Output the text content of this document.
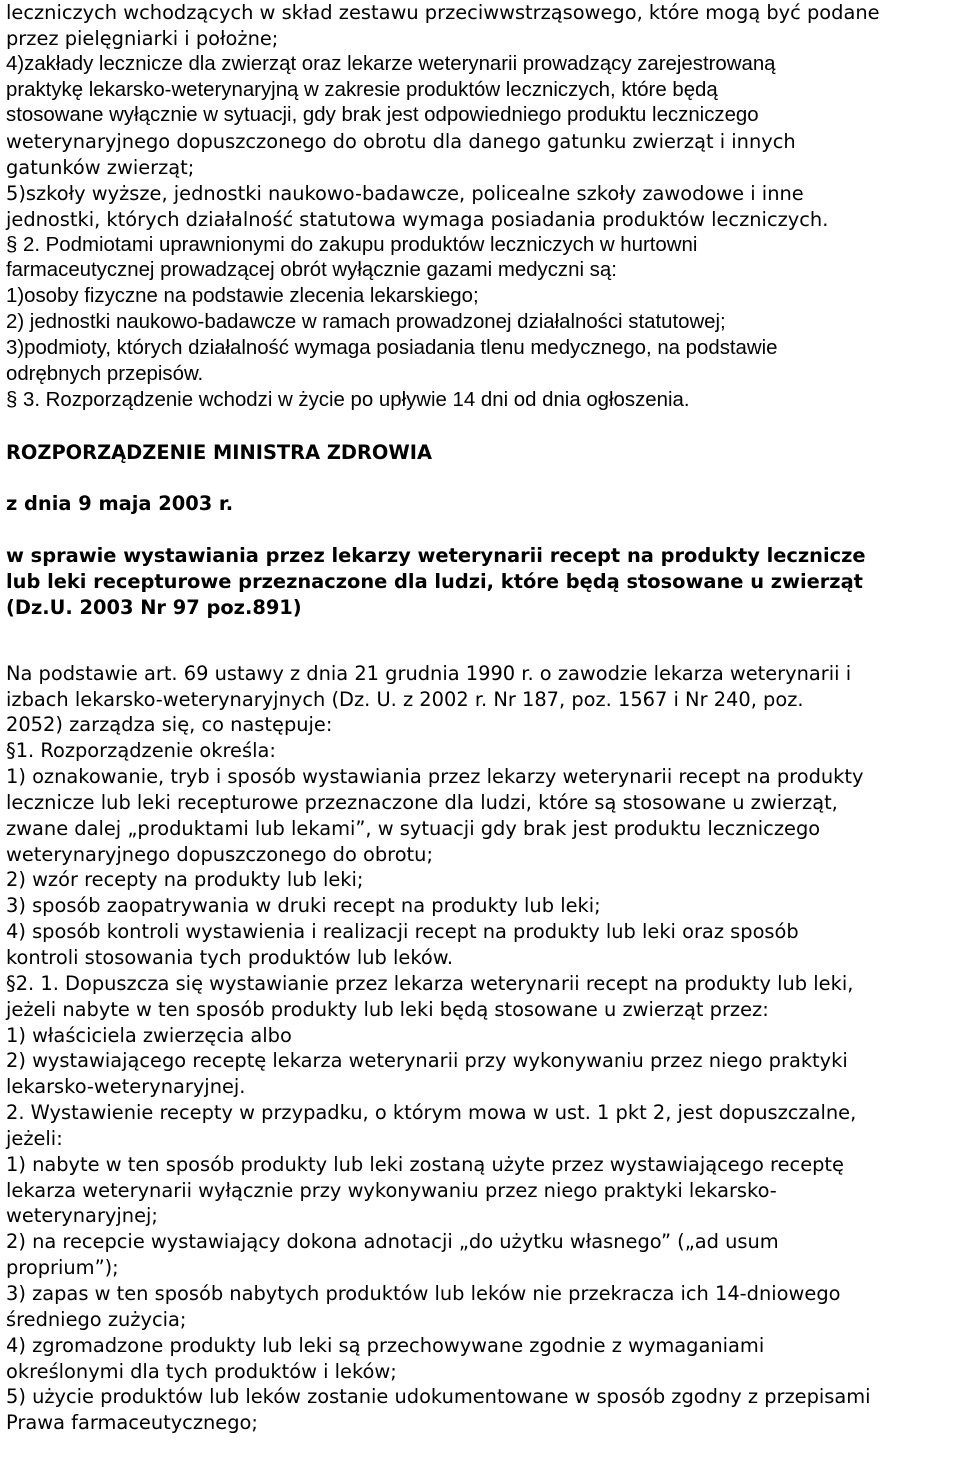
leczniczych wchodzących w skład zestawu przeciwwstrząsowego, które mogą być podane
przez pielęgniarki i położne;
4)zakłady lecznicze dla zwierząt oraz lekarze weterynarii prowadzący zarejestrowaną
praktykę lekarsko-weterynaryjną w zakresie produktów leczniczych, które będą
stosowane wyłącznie w sytuacji, gdy brak jest odpowiedniego produktu leczniczego
weterynaryjnego dopuszczonego do obrotu dla danego gatunku zwierząt i innych
gatunków zwierząt;
5)szkoły wyższe, jednostki naukowo-badawcze, policealne szkoły zawodowe i inne
jednostki, których działalność statutowa wymaga posiadania produktów leczniczych.
§ 2. Podmiotami uprawnionymi do zakupu produktów leczniczych w hurtowni
farmaceutycznej prowadzącej obrót wyłącznie gazami medyczni są:
1)osoby fizyczne na podstawie zlecenia lekarskiego;
2) jednostki naukowo-badawcze w ramach prowadzonej działalności statutowej;
3)podmioty, których działalność wymaga posiadania tlenu medycznego, na podstawie
odrębnych przepisów.
§ 3. Rozporządzenie wchodzi w życie po upływie 14 dni od dnia ogłoszenia.
ROZPORZĄDZENIE MINISTRA ZDROWIA
z dnia 9 maja 2003 r.
w sprawie wystawiania przez lekarzy weterynarii recept na produkty lecznicze
lub leki recepturowe przeznaczone dla ludzi, które będą stosowane u zwierząt
(Dz.U. 2003 Nr 97 poz.891)
Na podstawie art. 69 ustawy z dnia 21 grudnia 1990 r. o zawodzie lekarza weterynarii i
izbach lekarsko-weterynaryjnych (Dz. U. z 2002 r. Nr 187, poz. 1567 i Nr 240, poz.
2052) zarządza się, co następuje:
§1. Rozporządzenie określa:
1) oznakowanie, tryb i sposób wystawiania przez lekarzy weterynarii recept na produkty
lecznicze lub leki recepturowe przeznaczone dla ludzi, które są stosowane u zwierząt,
zwane dalej „produktami lub lekami”, w sytuacji gdy brak jest produktu leczniczego
weterynaryjnego dopuszczonego do obrotu;
2) wzór recepty na produkty lub leki;
3) sposób zaopatrywania w druki recept na produkty lub leki;
4) sposób kontroli wystawienia i realizacji recept na produkty lub leki oraz sposób
kontroli stosowania tych produktów lub leków.
§2. 1. Dopuszcza się wystawianie przez lekarza weterynarii recept na produkty lub leki,
jeżeli nabyte w ten sposób produkty lub leki będą stosowane u zwierząt przez:
1) właściciela zwierzęcia albo
2) wystawiającego receptę lekarza weterynarii przy wykonywaniu przez niego praktyki
lekarsko-weterynaryjnej.
2. Wystawienie recepty w przypadku, o którym mowa w ust. 1 pkt 2, jest dopuszczalne,
jeżeli:
1) nabyte w ten sposób produkty lub leki zostaną użyte przez wystawiającego receptę
lekarza weterynarii wyłącznie przy wykonywaniu przez niego praktyki lekarsko-
weterynaryjnej;
2) na recepcie wystawiający dokona adnotacji „do użytku własnego” („ad usum
proprium”);
3) zapas w ten sposób nabytych produktów lub leków nie przekracza ich 14-dniowego
średniego zużycia;
4) zgromadzone produkty lub leki są przechowywane zgodnie z wymaganiami
określonymi dla tych produktów i leków;
5) użycie produktów lub leków zostanie udokumentowane w sposób zgodny z przepisami
Prawa farmaceutycznego;
